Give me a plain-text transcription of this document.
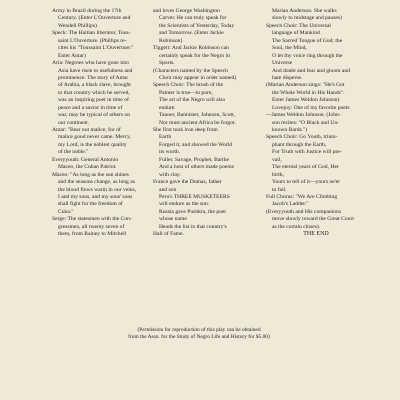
Army in Brazil during the 17th
Century. (Enter L'Ouverture and
Wendell Phillips)
Speck: The Haitian liberator, Tous-
saint L'Ouverture. (Phillips re-
cites his "Toussaint L'Ouverture."
Enter Antar)
Aria: Negroes who have gone into
Asia have risen to usefulness and
prominence. The story of Antar
of Arabia, a black slave, brought
to that country which he served,
was an inspiring poet in time of
peace and a savior in time of
war, may be typical of others on
our continent.
Antar: "Bear not malice, for of
malice good never came. Mercy,
my Lord, is the noblest quality
of the noble."
Everyyouth: General Antonio
Maceo, the Cuban Patriot.
Maceo: "As long as the sun shines
and the seasons change, as long as
the blood flows warm in our veins,
I and my sons, and my sons' sons
shall fight for the freedom of
Cuba."
Serge: The statesmen with the Con-
gressmen, all twenty seven of
them, from Rainey to Mitchell
and loves George Washington
Carver. He can truly speak for
the Scientists of Yesterday, Today
and Tomorrow. (Enter Jackie
Robinson)
Tiggert: And Jackie Robinson can
certainly speak for the Negro in
Sports.
(Characters named by the Speech
Choir may appear in order named)
Speech Choir: The brush of the
Painter is true—in pure,
The art of the Negro will also
endure.
Tanner, Bannister, Johnson, Scott,
Nor must ancient Africa be forgot.
She first took iron deep from
Earth
Forged it, and showed the World
its worth.
Fuller, Savage, Prophet, Barthe
And a host of others made poems
with clay.
France gave the Dumas, father
and son
Peru's THREE MUSKETEERS
will endure as the sun.
Russia gave Pushkin, the poet
whose name
Heads the list in that country's
Hall of Fame.
Marian Anderson. She walks
slowly to midstage and pauses)
Speech Choir: The Universal
language of Mankind
The Sacred Tongue of God; the
Soul, the Mind,
O let thy voice ring through the
Universe
And doubt and fear and gloom and
hate disperse.
(Marian Anderson sings: "He's Got
the Whole World in His Hands".
Enter James Weldon Johnson)
Lovejoy: One of my favorite poets
—James Weldon Johnson. (John-
son recites: "O Black and Un-
known Bards.")
Speech Choir: Go Youth, trium-
phant through the Earth,
For Truth with Justice will pre-
vail,
The eternal years of God, Her
birth,
Yours to tell of it—yours ne'er
to fail.
Full Chorus: "We Are Climbing
Jacob's Ladder."
(Everyyouth and His companions
move slowly toward the Great Court
as the curtain closes).
THE END
(Permission for reproduction of this play can be obtained
from the Assn. for the Study of Negro Life and History for $5.00)
